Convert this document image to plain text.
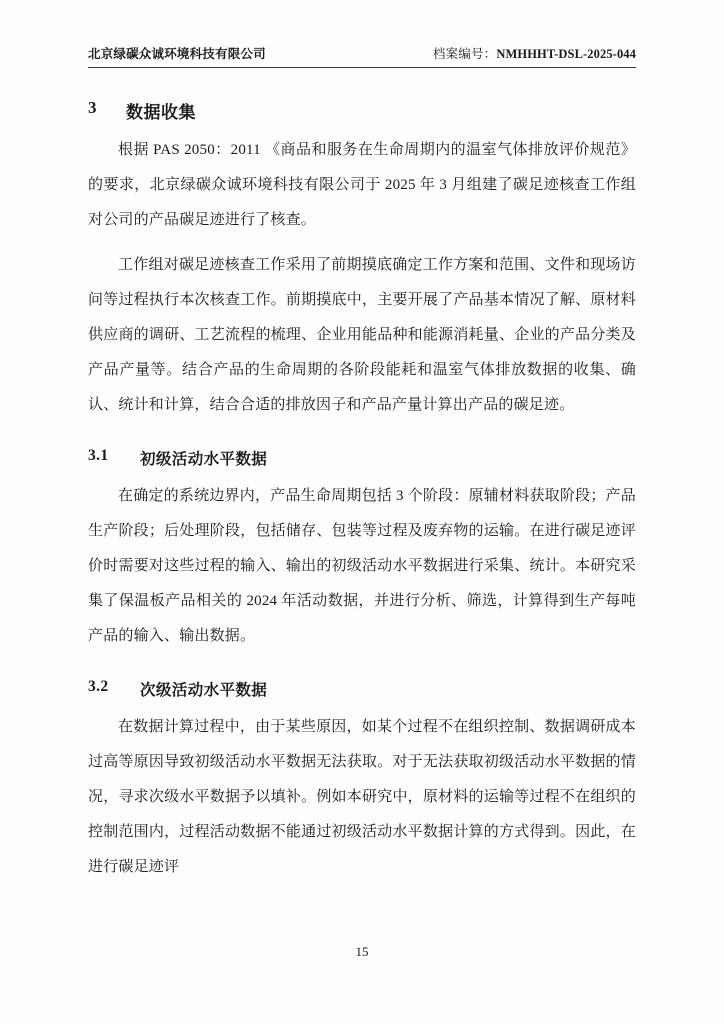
北京绿碳众诚环境科技有限公司	档案编号：NMHHHT-DSL-2025-044
3	数据收集

根据 PAS 2050：2011 《商品和服务在生命周期内的温室气体排放评价规范》的要求，北京绿碳众诚环境科技有限公司于 2025 年 3 月组建了碳足迹核查工作组对公司的产品碳足迹进行了核查。

工作组对碳足迹核查工作采用了前期摸底确定工作方案和范围、文件和现场访问等过程执行本次核查工作。前期摸底中，主要开展了产品基本情况了解、原材料供应商的调研、工艺流程的梳理、企业用能品种和能源消耗量、企业的产品分类及产品产量等。结合产品的生命周期的各阶段能耗和温室气体排放数据的收集、确认、统计和计算，结合合适的排放因子和产品产量计算出产品的碳足迹。

3.1	初级活动水平数据

在确定的系统边界内，产品生命周期包括 3 个阶段：原辅材料获取阶段；产品生产阶段；后处理阶段，包括储存、包装等过程及废弃物的运输。在进行碳足迹评价时需要对这些过程的输入、输出的初级活动水平数据进行采集、统计。本研究采集了保温板产品相关的 2024 年活动数据，并进行分析、筛选，计算得到生产每吨产品的输入、输出数据。

3.2	次级活动水平数据

在数据计算过程中，由于某些原因，如某个过程不在组织控制、数据调研成本过高等原因导致初级活动水平数据无法获取。对于无法获取初级活动水平数据的情况，寻求次级水平数据予以填补。例如本研究中，原材料的运输等过程不在组织的控制范围内，过程活动数据不能通过初级活动水平数据计算的方式得到。因此，在进行碳足迹评

15
